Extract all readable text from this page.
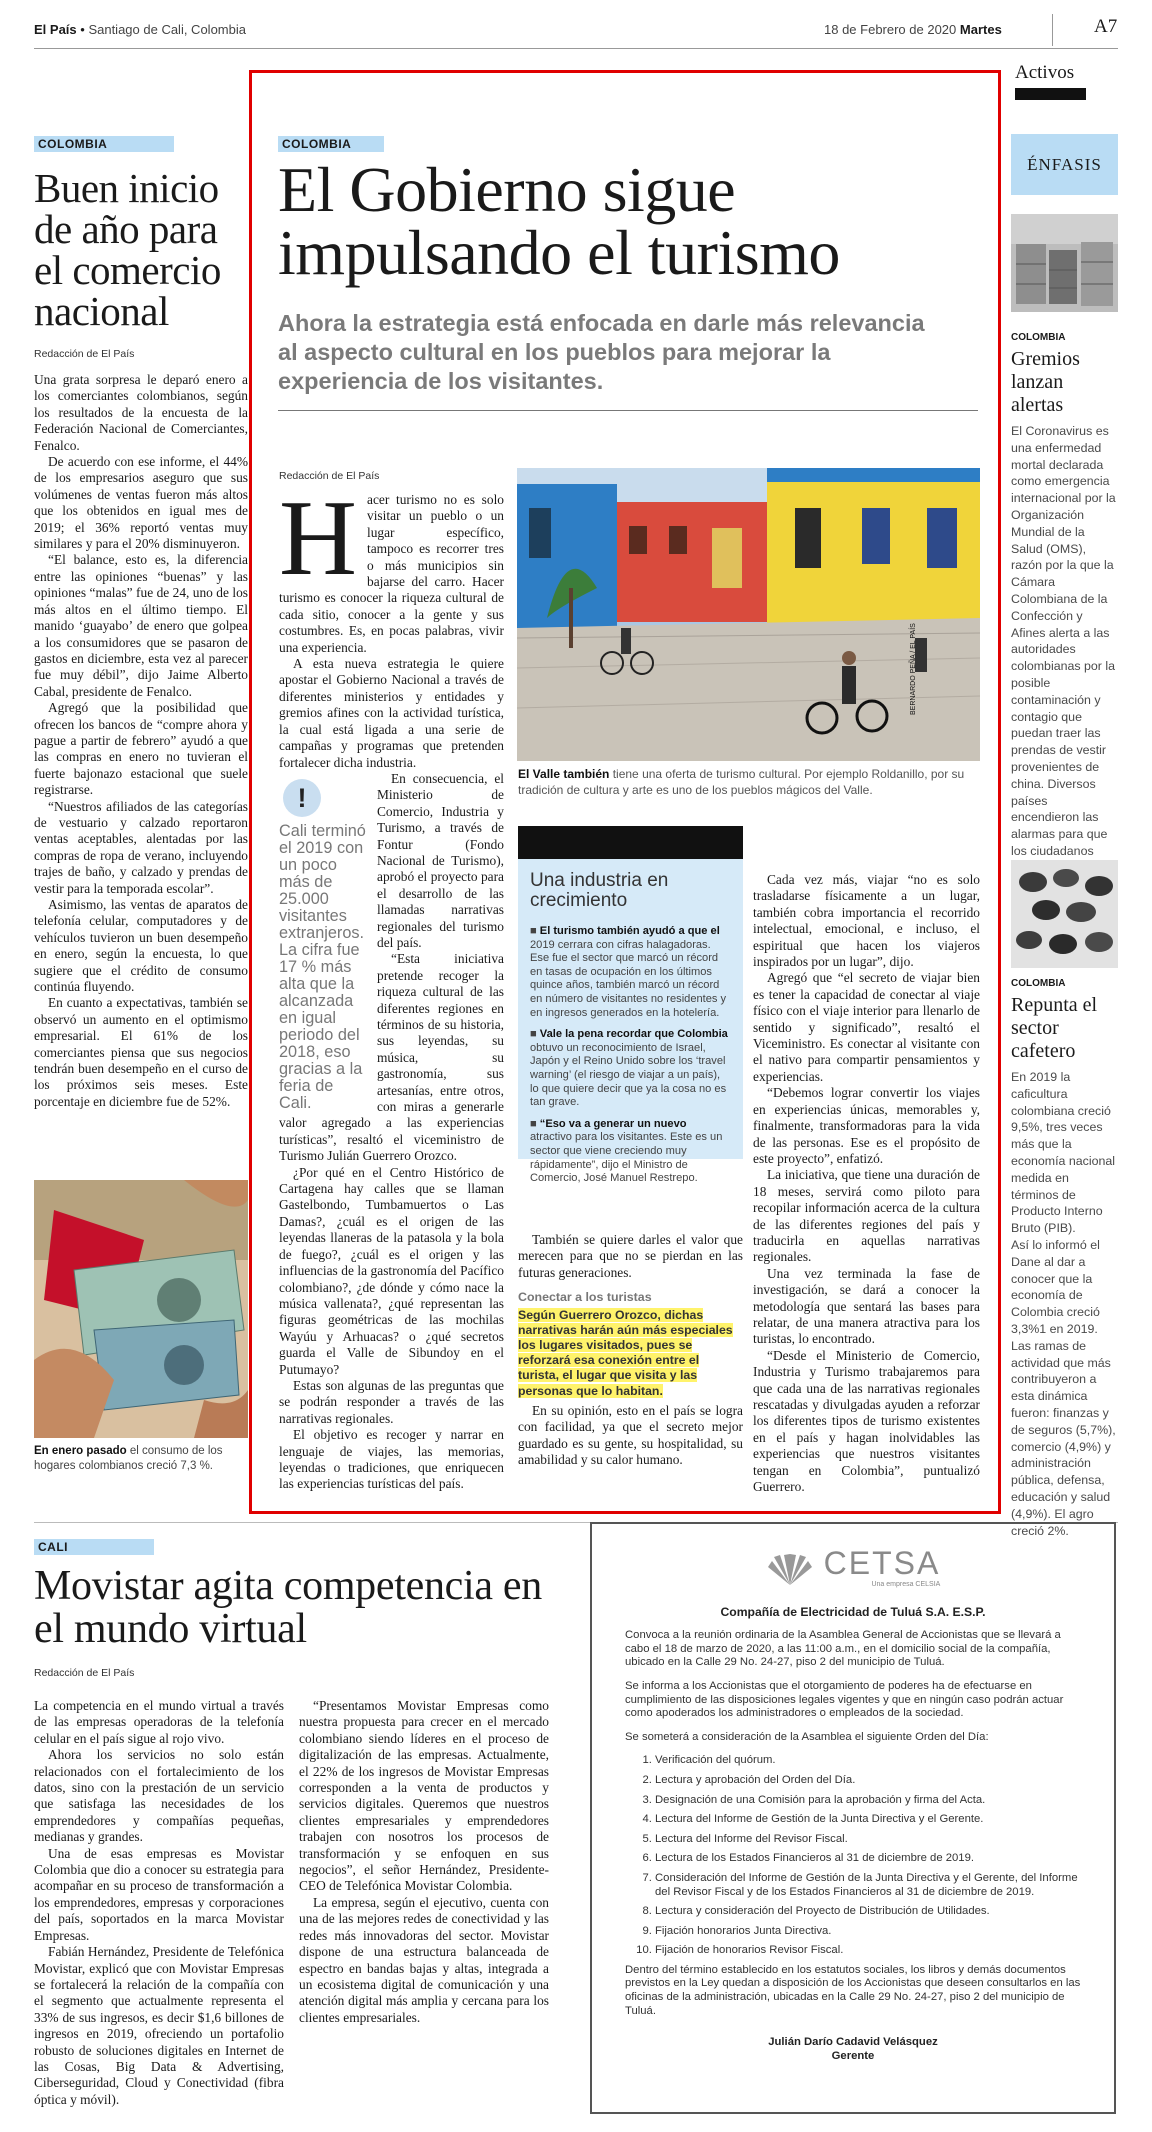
El País • Santiago de Cali, Colombia	18 de Febrero de 2020 Martes	A7
Activos
COLOMBIA
Buen inicio de año para el comercio nacional
Redacción de El País

Una grata sorpresa le deparó enero a los comerciantes colombianos, según los resultados de la encuesta de la Federación Nacional de Comerciantes, Fenalco.

De acuerdo con ese informe, el 44% de los empresarios aseguro que sus volúmenes de ventas fueron más altos que los obtenidos en igual mes de 2019; el 36% reportó ventas muy similares y para el 20% disminuyeron.

“El balance, esto es, la diferencia entre las opiniones “buenas” y las opiniones “malas” fue de 24, uno de los más altos en el último tiempo. El manido ‘guayabo’ de enero que golpea a los consumidores que se pasaron de gastos en diciembre, esta vez al parecer fue muy débil”, dijo Jaime Alberto Cabal, presidente de Fenalco.

Agregó que la posibilidad que ofrecen los bancos de “compre ahora y pague a partir de febrero” ayudó a que las compras en enero no tuvieran el fuerte bajonazo estacional que suele registrarse.

“Nuestros afiliados de las categorías de vestuario y calzado reportaron ventas aceptables, alentadas por las compras de ropa de verano, incluyendo trajes de baño, y calzado y prendas de vestir para la temporada escolar”.

Asimismo, las ventas de aparatos de telefonía celular, computadores y de vehículos tuvieron un buen desempeño en enero, según la encuesta, lo que sugiere que el crédito de consumo continúa fluyendo.

En cuanto a expectativas, también se observó un aumento en el optimismo empresarial. El 61% de los comerciantes piensa que sus negocios tendrán buen desempeño en el curso de los próximos seis meses. Este porcentaje en diciembre fue de 52%.

En enero pasado el consumo de los hogares colombianos creció 7,3 %.
COLOMBIA
El Gobierno sigue impulsando el turismo
Ahora la estrategia está enfocada en darle más relevancia al aspecto cultural en los pueblos para mejorar la experiencia de los visitantes.
Redacción de El País
H acer turismo no es solo visitar un pueblo o un lugar específico, tampoco es recorrer tres o más municipios sin bajarse del carro. Hacer turismo es conocer la riqueza cultural de cada sitio, conocer a la gente y sus costumbres. Es, en pocas palabras, vivir una experiencia.

A esta nueva estrategia le quiere apostar el Gobierno Nacional a través de diferentes ministerios y entidades y gremios afines con la actividad turística, la cual está ligada a una serie de campañas y programas que pretenden fortalecer dicha industria.

!
Cali terminó el 2019 con un poco más de 25.000 visitantes extranjeros. La cifra fue 17 % más alta que la alcanzada en igual periodo del 2018, eso gracias a la feria de Cali.

En consecuencia, el Ministerio de Comercio, Industria y Turismo, a través de Fontur (Fondo Nacional de Turismo), aprobó el proyecto para el desarrollo de las llamadas narrativas regionales del turismo del país.

“Esta iniciativa pretende recoger la riqueza cultural de las diferentes regiones en términos de su historia, sus leyendas, su música, su gastronomía, sus artesanías, entre otros, con miras a generarle valor agregado a las experiencias turísticas”, resaltó el viceministro de Turismo Julián Guerrero Orozco.

¿Por qué en el Centro Histórico de Cartagena hay calles que se llaman Gastelbondo, Tumbamuertos o Las Damas?, ¿cuál es el origen de las leyendas llaneras de la patasola y la bola de fuego?, ¿cuál es el origen y las influencias de la gastronomía del Pacífico colombiano?, ¿de dónde y cómo nace la música vallenata?, ¿qué representan las figuras geométricas de las mochilas Wayúu y Arhuacas? o ¿qué secretos guarda el Valle de Sibundoy en el Putumayo?

Estas son algunas de las preguntas que se podrán responder a través de las narrativas regionales.

El objetivo es recoger y narrar en lenguaje de viajes, las memorias, leyendas o tradiciones, que enriquecen las experiencias turísticas del país.

BERNARDO PEÑA / EL PAÍS
El Valle también tiene una oferta de turismo cultural. Por ejemplo Roldanillo, por su tradición de cultura y arte es uno de los pueblos mágicos del Valle.
Una industria en crecimiento
■ El turismo también ayudó a que el 2019 cerrara con cifras halagadoras. Ese fue el sector que marcó un récord en tasas de ocupación en los últimos quince años, también marcó un récord en número de visitantes no residentes y en ingresos generados en la hotelería.
■ Vale la pena recordar que Colombia obtuvo un reconocimiento de Israel, Japón y el Reino Unido sobre los ‘travel warning’ (el riesgo de viajar a un país), lo que quiere decir que ya la cosa no es tan grave.
■ “Eso va a generar un nuevo atractivo para los visitantes. Este es un sector que viene creciendo muy rápidamente”, dijo el Ministro de Comercio, José Manuel Restrepo.

También se quiere darles el valor que merecen para que no se pierdan en las futuras generaciones.

Conectar a los turistas
Según Guerrero Orozco, dichas narrativas harán aún más especiales los lugares visitados, pues se reforzará esa conexión entre el turista, el lugar que visita y las personas que lo habitan.

En su opinión, esto en el país se logra con facilidad, ya que el secreto mejor guardado es su gente, su hospitalidad, su amabilidad y su calor humano.

Cada vez más, viajar “no es solo trasladarse físicamente a un lugar, también cobra importancia el recorrido intelectual, emocional, e incluso, el espiritual que hacen los viajeros inspirados por un lugar”, dijo.

Agregó que “el secreto de viajar bien es tener la capacidad de conectar al viaje físico con el viaje interior para llenarlo de sentido y significado”, resaltó el Viceministro. Es conectar al visitante con el nativo para compartir pensamientos y experiencias.

“Debemos lograr convertir los viajes en experiencias únicas, memorables y, finalmente, transformadoras para la vida de las personas. Ese es el propósito de este proyecto”, enfatizó.

La iniciativa, que tiene una duración de 18 meses, servirá como piloto para recopilar información acerca de la cultura de las diferentes regiones del país y traducirla en aquellas narrativas regionales.

Una vez terminada la fase de investigación, se dará a conocer la metodología que sentará las bases para relatar, de una manera atractiva para los turistas, lo encontrado.

“Desde el Ministerio de Comercio, Industria y Turismo trabajaremos para que cada una de las narrativas regionales rescatadas y divulgadas ayuden a reforzar los diferentes tipos de turismo existentes en el país y hagan inolvidables las experiencias que nuestros visitantes tengan en Colombia”, puntualizó Guerrero.

ÉNFASIS
COLOMBIA
Gremios lanzan alertas
El Coronavirus es una enfermedad mortal declarada como emergencia internacional por la Organización Mundial de la Salud (OMS), razón por la que la Cámara Colombiana de la Confección y Afines alerta a las autoridades colombianas por la posible contaminación y contagio que puedan traer las prendas de vestir provenientes de china. Diversos países encendieron las alarmas para que los ciudadanos
COLOMBIA
Repunta el sector cafetero

En 2019 la caficultura colombiana creció 9,5%, tres veces más que la economía nacional medida en términos de Producto Interno Bruto (PIB).

Así lo informó el Dane al dar a conocer que la economía de Colombia creció 3,3%1 en 2019.

Las ramas de actividad que más contribuyeron a esta dinámica fueron: finanzas y de seguros (5,7%), comercio (4,9%) y administración pública, defensa, educación y salud (4,9%). El agro creció 2%.

CALI
Movistar agita competencia en el mundo virtual
Redacción de El País

La competencia en el mundo virtual a través de las empresas operadoras de la telefonía celular en el país sigue al rojo vivo.

Ahora los servicios no solo están relacionados con el fortalecimiento de los datos, sino con la prestación de un servicio que satisfaga las necesidades de los emprendedores y compañías pequeñas, medianas y grandes.

Una de esas empresas es Movistar Colombia que dio a conocer su estrategia para acompañar en su proceso de transformación a los emprendedores, empresas y corporaciones del país, soportados en la marca Movistar Empresas.

Fabián Hernández, Presidente de Telefónica Movistar, explicó que con Movistar Empresas se fortalecerá la relación de la compañía con el segmento que actualmente representa el 33% de sus ingresos, es decir $1,6 billones de ingresos en 2019, ofreciendo un portafolio robusto de soluciones digitales en Internet de las Cosas, Big Data & Advertising, Ciberseguridad, Cloud y Conectividad (fibra óptica y móvil).

“Presentamos Movistar Empresas como nuestra propuesta para crecer en el mercado colombiano siendo líderes en el proceso de digitalización de las empresas. Actualmente, el 22% de los ingresos de Movistar Empresas corresponden a la venta de productos y servicios digitales. Queremos que nuestros clientes empresariales y emprendedores trabajen con nosotros los procesos de transformación y se enfoquen en sus negocios”, el señor Hernández, Presidente- CEO de Telefónica Movistar Colombia.

La empresa, según el ejecutivo, cuenta con una de las mejores redes de conectividad y las redes más innovadoras del sector. Movistar dispone de una estructura balanceada de espectro en bandas bajas y altas, integrada a un ecosistema digital de comunicación y una atención digital más amplia y cercana para los clientes empresariales.

CETSA
Una empresa CELSIA
Compañía de Electricidad de Tuluá S.A. E.S.P.
Convoca a la reunión ordinaria de la Asamblea General de Accionistas que se llevará a cabo el 18 de marzo de 2020, a las 11:00 a.m., en el domicilio social de la compañía, ubicado en la Calle 29 No. 24-27, piso 2 del municipio de Tuluá.
Se informa a los Accionistas que el otorgamiento de poderes ha de efectuarse en cumplimiento de las disposiciones legales vigentes y que en ningún caso podrán actuar como apoderados los administradores o empleados de la sociedad.
Se someterá a consideración de la Asamblea el siguiente Orden del Día:
1. Verificación del quórum.
2. Lectura y aprobación del Orden del Día.
3. Designación de una Comisión para la aprobación y firma del Acta.
4. Lectura del Informe de Gestión de la Junta Directiva y el Gerente.
5. Lectura del Informe del Revisor Fiscal.
6. Lectura de los Estados Financieros al 31 de diciembre de 2019.
7. Consideración del Informe de Gestión de la Junta Directiva y el Gerente, del Informe del Revisor Fiscal y de los Estados Financieros al 31 de diciembre de 2019.
8. Lectura y consideración del Proyecto de Distribución de Utilidades.
9. Fijación honorarios Junta Directiva.
10. Fijación de honorarios Revisor Fiscal.
Dentro del término establecido en los estatutos sociales, los libros y demás documentos previstos en la Ley quedan a disposición de los Accionistas que deseen consultarlos en las oficinas de la administración, ubicadas en la Calle 29 No. 24-27, piso 2 del municipio de Tuluá.
Julián Darío Cadavid Velásquez
Gerente
